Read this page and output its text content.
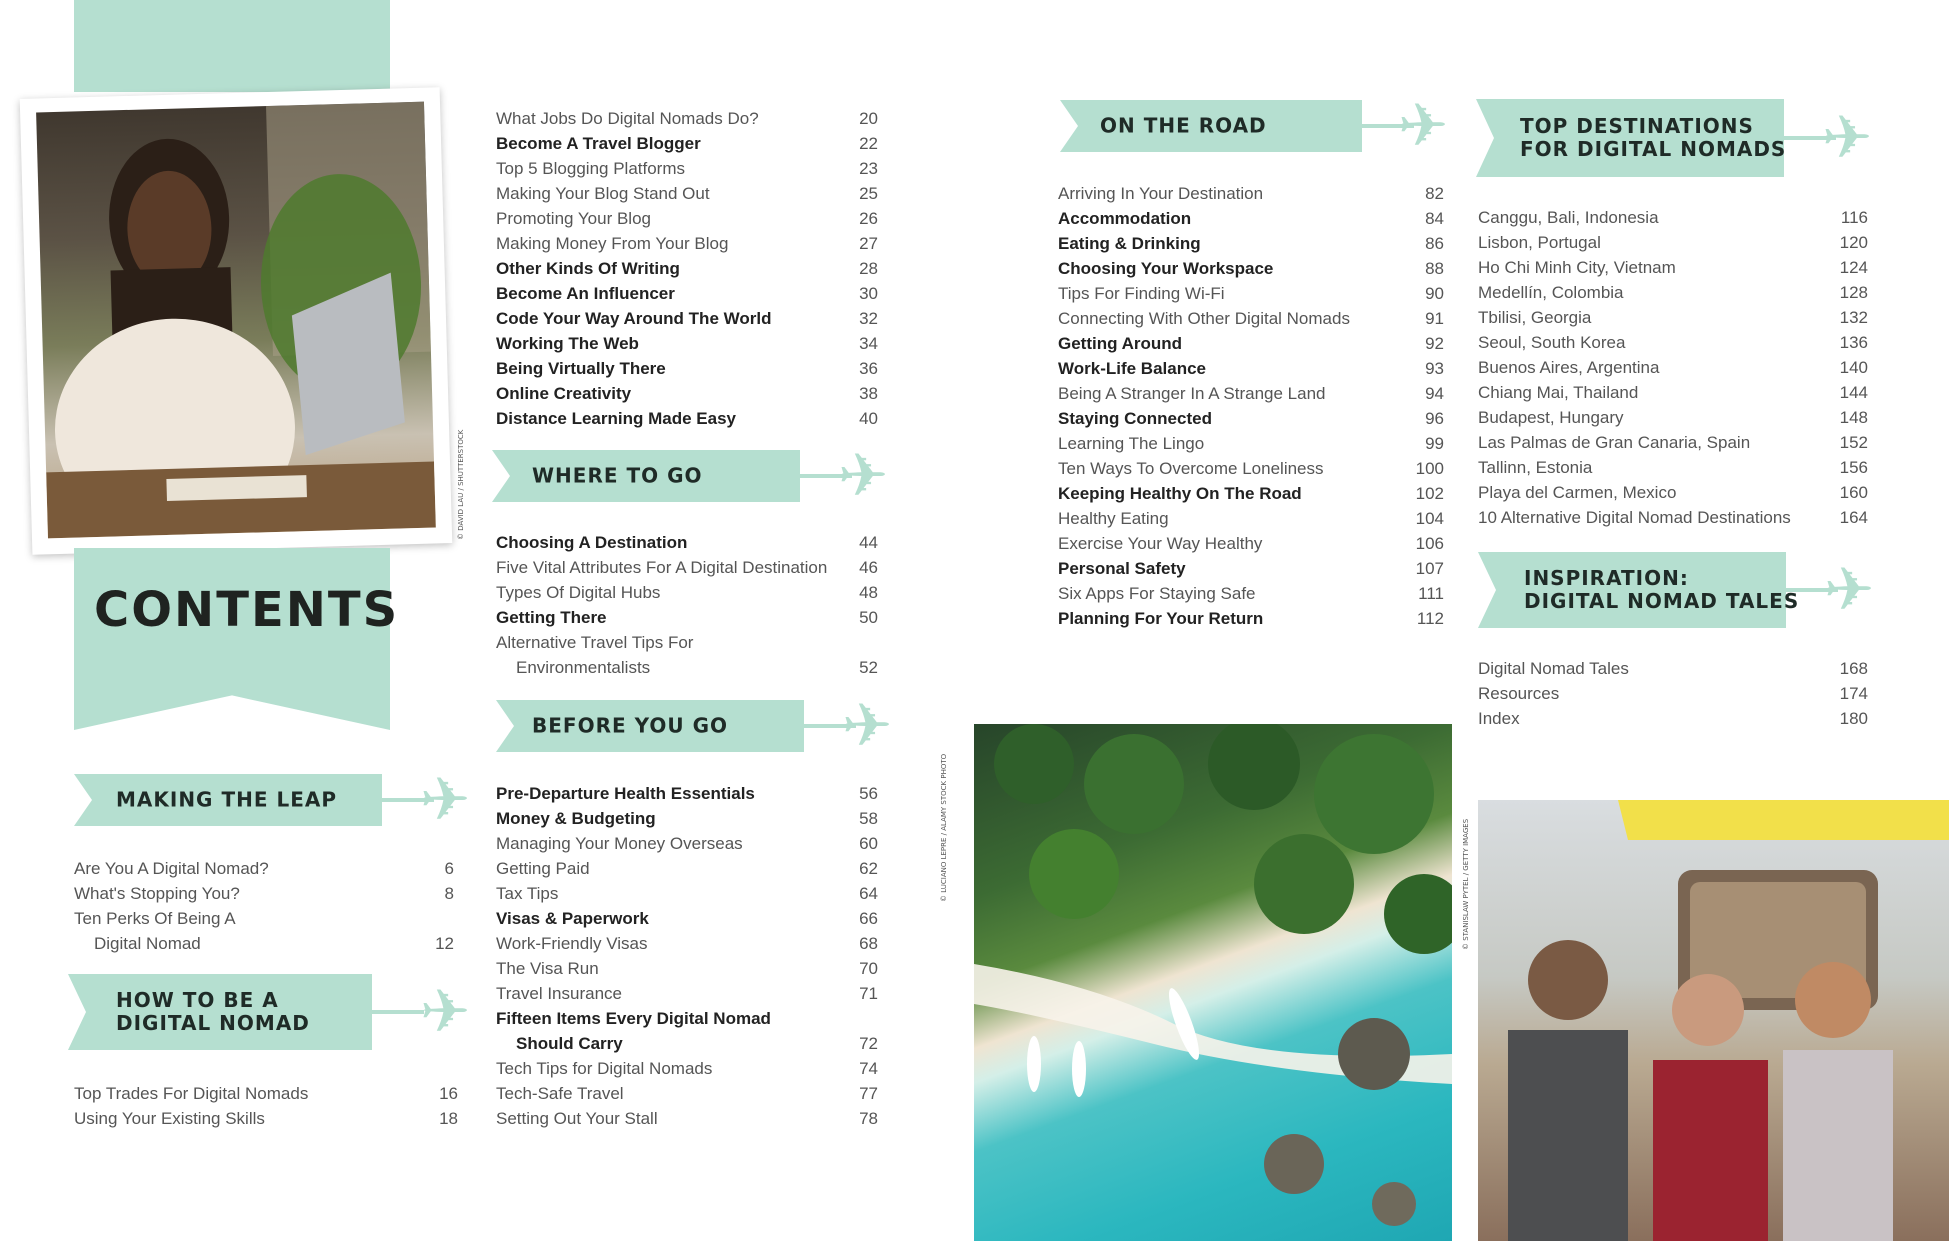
© DAVID LAU / SHUTTERSTOCK
CONTENTS
✈
MAKING THE LEAP
Are You A Digital Nomad?	6
What's Stopping You?	8
Ten Perks Of Being A
Digital Nomad	12
✈
HOW TO BE A
DIGITAL NOMAD
Top Trades For Digital Nomads	16
Using Your Existing Skills	18
What Jobs Do Digital Nomads Do?	20
Become A Travel Blogger	22
Top 5 Blogging Platforms	23
Making Your Blog Stand Out	25
Promoting Your Blog	26
Making Money From Your Blog	27
Other Kinds Of Writing	28
Become An Influencer	30
Code Your Way Around The World	32
Working The Web	34
Being Virtually There	36
Online Creativity	38
Distance Learning Made Easy	40
✈
WHERE TO GO
Choosing A Destination	44
Five Vital Attributes For A Digital Destination 46
Types Of Digital Hubs	48
Getting There	50
Alternative Travel Tips For
Environmentalists	52
✈
BEFORE YOU GO
Pre-Departure Health Essentials	56
Money & Budgeting	58
Managing Your Money Overseas	60
Getting Paid	62
Tax Tips	64
Visas & Paperwork	66
Work-Friendly Visas	68
The Visa Run	70
Travel Insurance	71
Fifteen Items Every Digital Nomad
Should Carry	72
Tech Tips for Digital Nomads	74
Tech-Safe Travel	77
Setting Out Your Stall	78
✈
ON THE ROAD
Arriving In Your Destination	82
Accommodation	84
Eating & Drinking	86
Choosing Your Workspace	88
Tips For Finding Wi-Fi	90
Connecting With Other Digital Nomads	91
Getting Around	92
Work-Life Balance	93
Being A Stranger In A Strange Land	94
Staying Connected	96
Learning The Lingo	99
Ten Ways To Overcome Loneliness	100
Keeping Healthy On The Road	102
Healthy Eating	104
Exercise Your Way Healthy	106
Personal Safety	107
Six Apps For Staying Safe	111
Planning For Your Return	112
✈
TOP DESTINATIONS
FOR DIGITAL NOMADS
Canggu, Bali, Indonesia	116
Lisbon, Portugal	120
Ho Chi Minh City, Vietnam	124
Medellín, Colombia	128
Tbilisi, Georgia	132
Seoul, South Korea	136
Buenos Aires, Argentina	140
Chiang Mai, Thailand	144
Budapest, Hungary	148
Las Palmas de Gran Canaria, Spain	152
Tallinn, Estonia	156
Playa del Carmen, Mexico	160
10 Alternative Digital Nomad Destinations	164
✈
INSPIRATION:
DIGITAL NOMAD TALES
Digital Nomad Tales	168
Resources	174
Index	180
© LUCIANO LEPRE / ALAMY STOCK PHOTO	© STANISLAW PYTEL / GETTY IMAGES
